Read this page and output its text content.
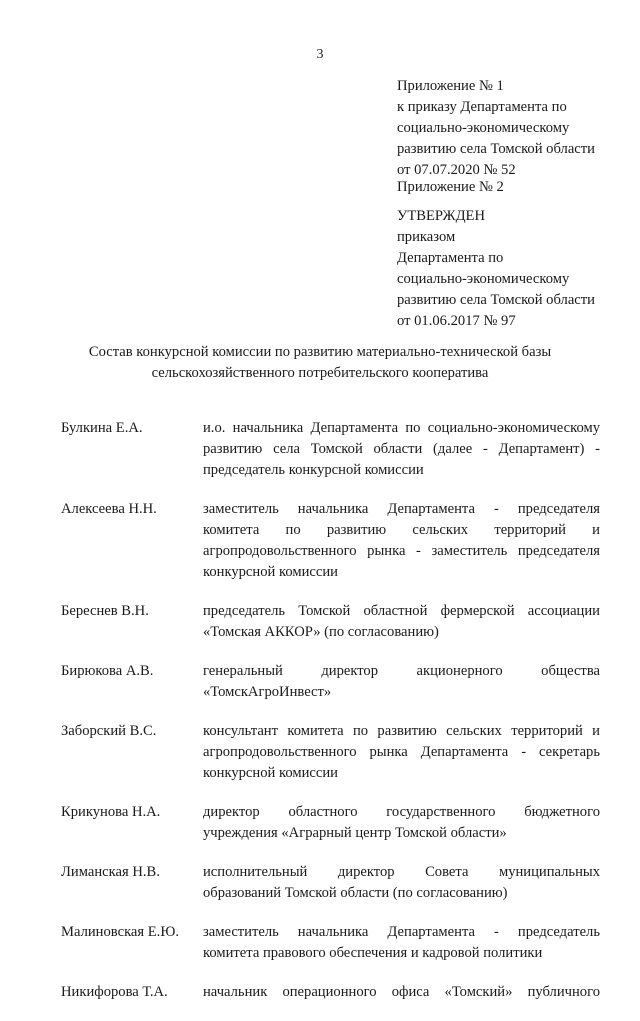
3
Приложение № 1
к приказу Департамента по
социально-экономическому
развитию села Томской области
от 07.07.2020 № 52
Приложение № 2
УТВЕРЖДЕН
приказом
Департамента по
социально-экономическому
развитию села Томской области
от 01.06.2017 № 97
Состав конкурсной комиссии по развитию материально-технической базы
сельскохозяйственного потребительского кооператива
Булкина Е.А.	и.о. начальника Департамента по социально-экономическому
развитию села Томской области (далее - Департамент) -
председатель конкурсной комиссии
Алексеева Н.Н.	заместитель начальника Департамента - председателя
комитета по развитию сельских территорий и
агропродовольственного рынка - заместитель председателя
конкурсной комиссии
Береснев В.Н.	председатель Томской областной фермерской ассоциации
«Томская АККОР» (по согласованию)
Бирюкова А.В.	генеральный директор акционерного общества
«ТомскАгроИнвест»
Заборский В.С.	консультант комитета по развитию сельских территорий и
агропродовольственного рынка Департамента - секретарь
конкурсной комиссии
Крикунова Н.А.	директор областного государственного бюджетного
учреждения «Аграрный центр Томской области»
Лиманская Н.В.	исполнительный директор Совета муниципальных
образований Томской области (по согласованию)
Малиновская Е.Ю. заместитель начальника Департамента - председатель
комитета правового обеспечения и кадровой политики
Никифорова Т.А. начальник операционного офиса «Томский» публичного
